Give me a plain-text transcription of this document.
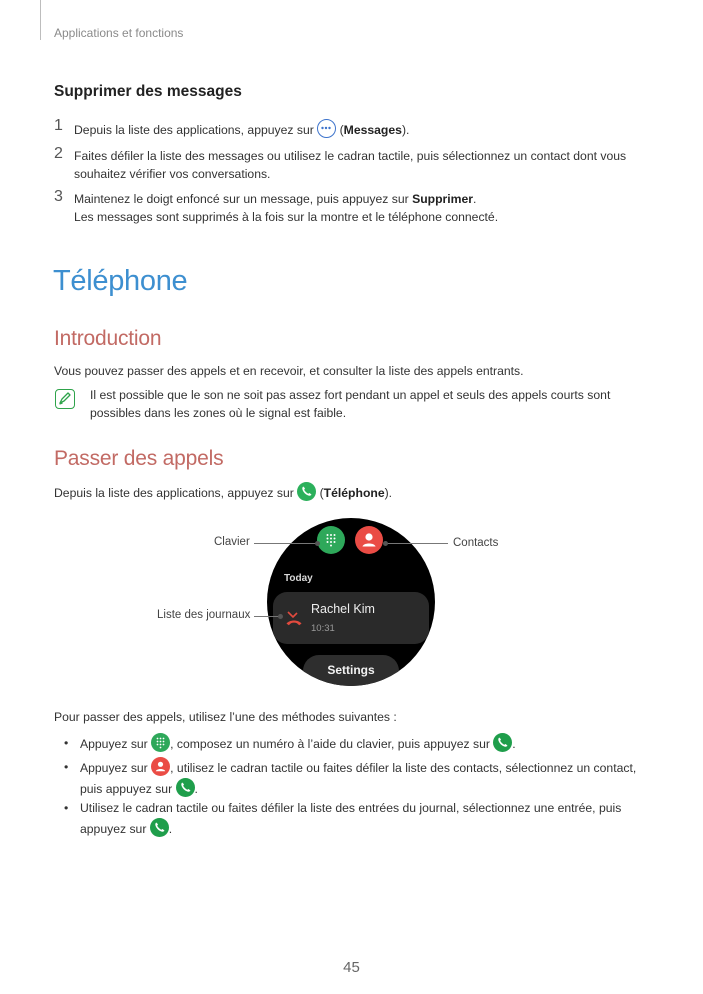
Applications et fonctions
Supprimer des messages
1 Depuis la liste des applications, appuyez sur
(Messages).
2 Faites défiler la liste des messages ou utilisez le cadran tactile, puis sélectionnez un contact dont vous souhaitez vérifier vos conversations.
3 Maintenez le doigt enfoncé sur un message, puis appuyez sur Supprimer.
Les messages sont supprimés à la fois sur la montre et le téléphone connecté.
Téléphone
Introduction
Vous pouvez passer des appels et en recevoir, et consulter la liste des appels entrants.
Il est possible que le son ne soit pas assez fort pendant un appel et seuls des appels courts sont possibles dans les zones où le signal est faible.
Passer des appels
Depuis la liste des applications, appuyez sur
(Téléphone).
Today
Rachel Kim
10:31
Settings
Clavier	Contacts
Liste des journaux
Pour passer des appels, utilisez l’une des méthodes suivantes :
• Appuyez sur , composez un numéro à l’aide du clavier, puis appuyez sur .
• Appuyez sur , utilisez le cadran tactile ou faites défiler la liste des contacts, sélectionnez un contact, puis appuyez sur .
• Utilisez le cadran tactile ou faites défiler la liste des entrées du journal, sélectionnez une entrée, puis appuyez sur .
45
